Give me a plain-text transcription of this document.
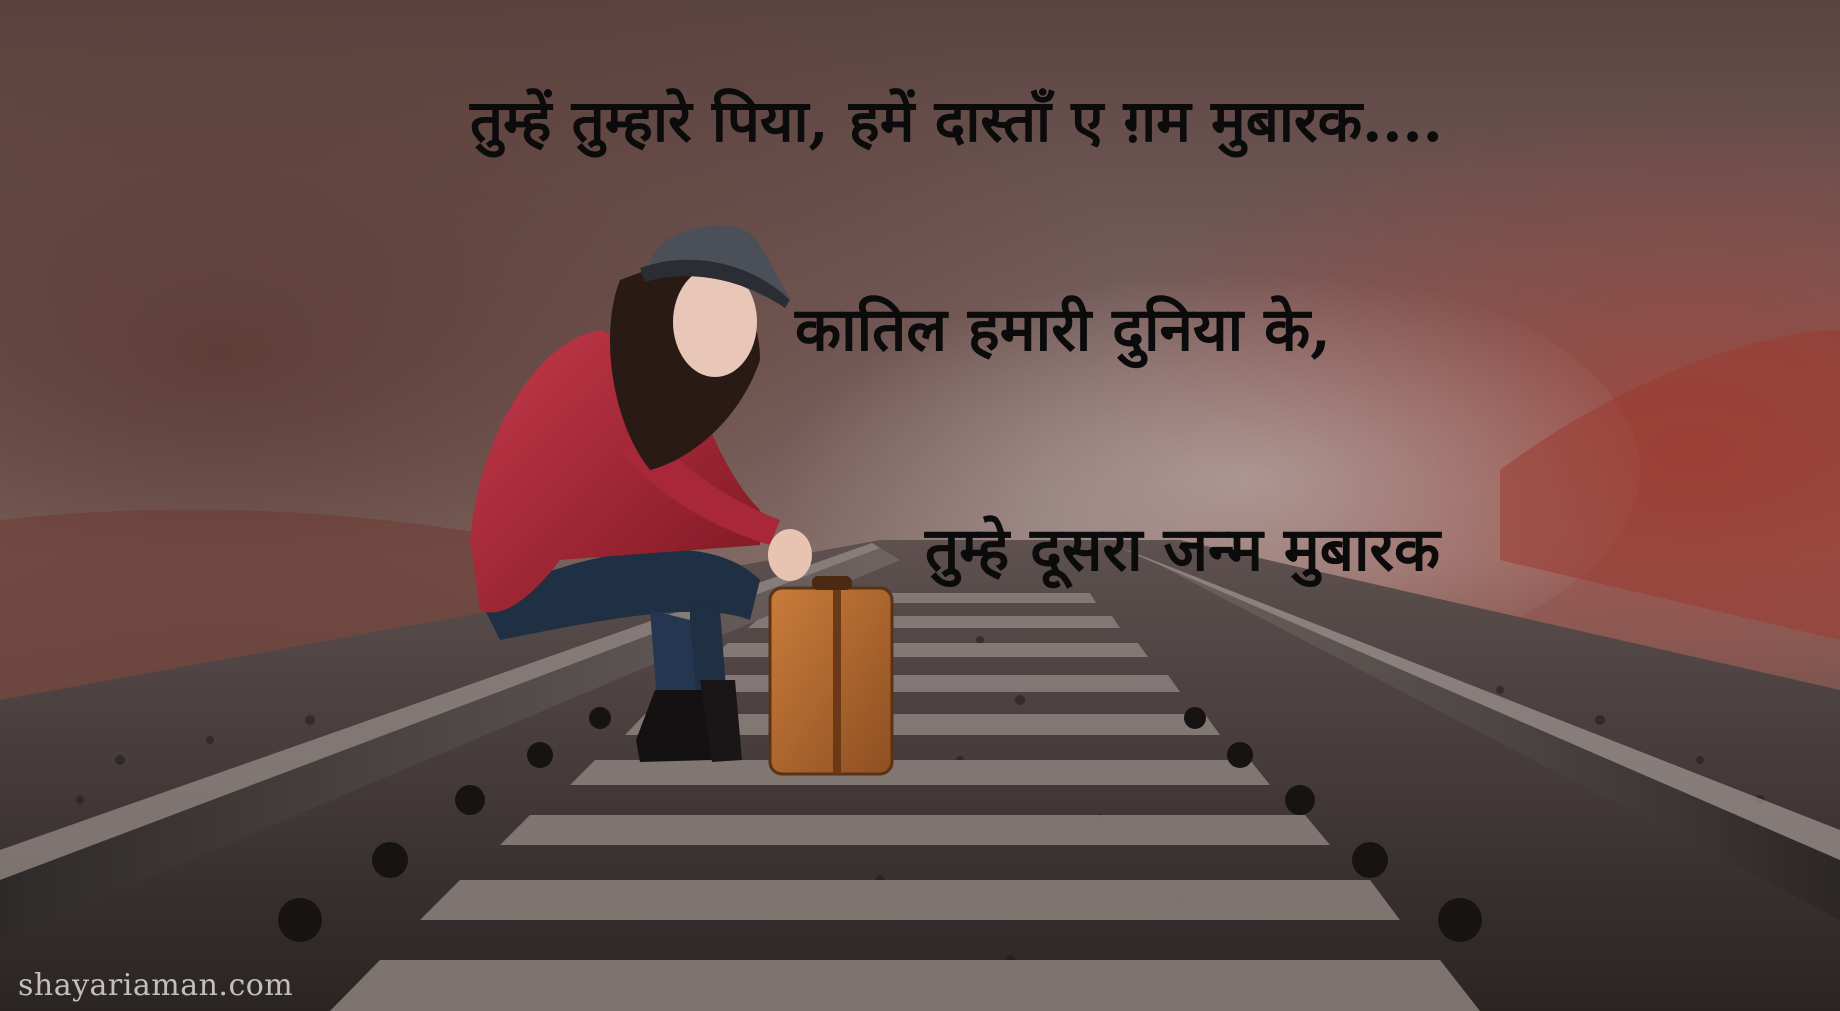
तुम्हें तुम्हारे पिया, हमें दास्ताँ ए ग़म मुबारक....

कातिल हमारी दुनिया के,

तुम्हे दूसरा जन्म मुबारक

shayariaman.com
